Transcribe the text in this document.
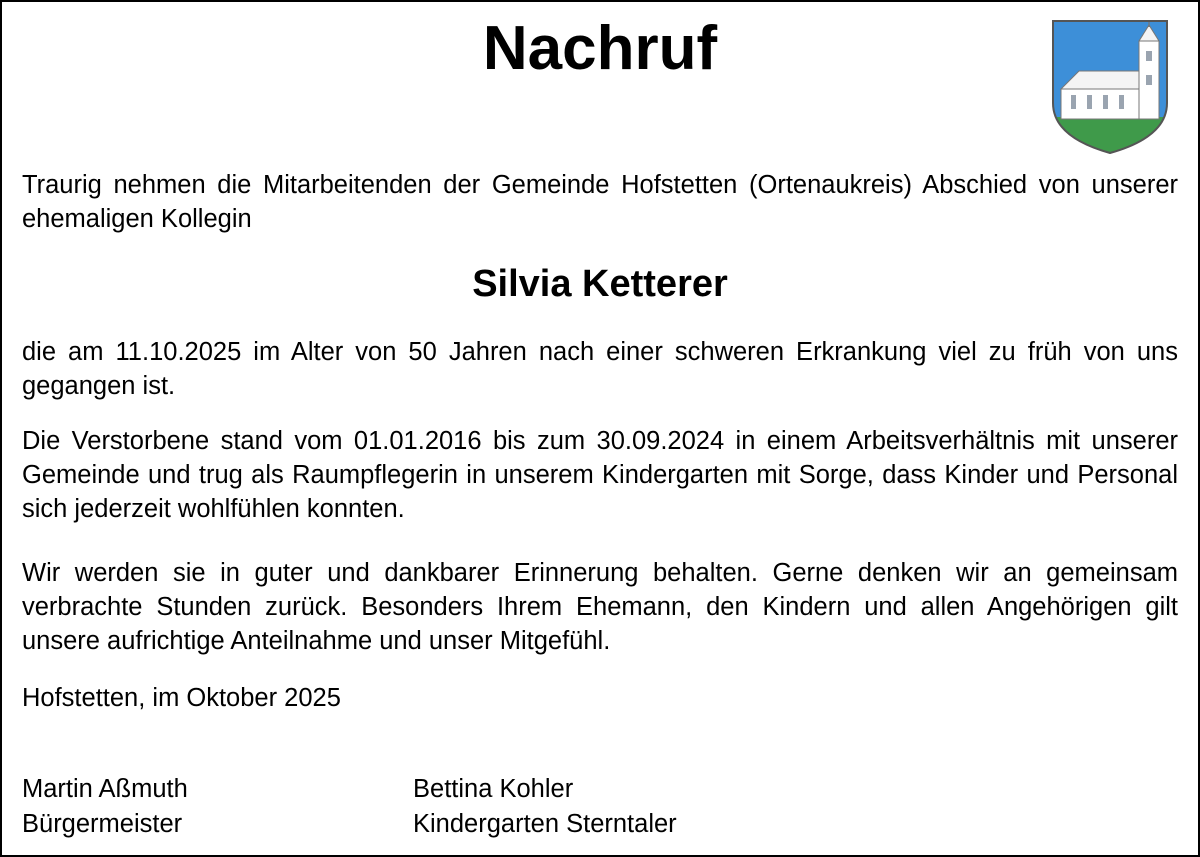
Nachruf

Traurig nehmen die Mitarbeitenden der Gemeinde Hofstetten (Ortenaukreis) Abschied von unserer ehemaligen Kollegin

Silvia Ketterer

die am 11.10.2025 im Alter von 50 Jahren nach einer schweren Erkrankung viel zu früh von uns gegangen ist.

Die Verstorbene stand vom 01.01.2016 bis zum 30.09.2024 in einem Arbeitsverhältnis mit unserer Gemeinde und trug als Raumpflegerin in unserem Kindergarten mit Sorge, dass Kinder und Personal sich jederzeit wohlfühlen konnten.

Wir werden sie in guter und dankbarer Erinnerung behalten. Gerne denken wir an gemeinsam verbrachte Stunden zurück. Besonders Ihrem Ehemann, den Kindern und allen Angehörigen gilt unsere aufrichtige Anteilnahme und unser Mitgefühl.

Hofstetten, im Oktober 2025

Martin Aßmuth
Bürgermeister
Bettina Kohler
Kindergarten Sterntaler
